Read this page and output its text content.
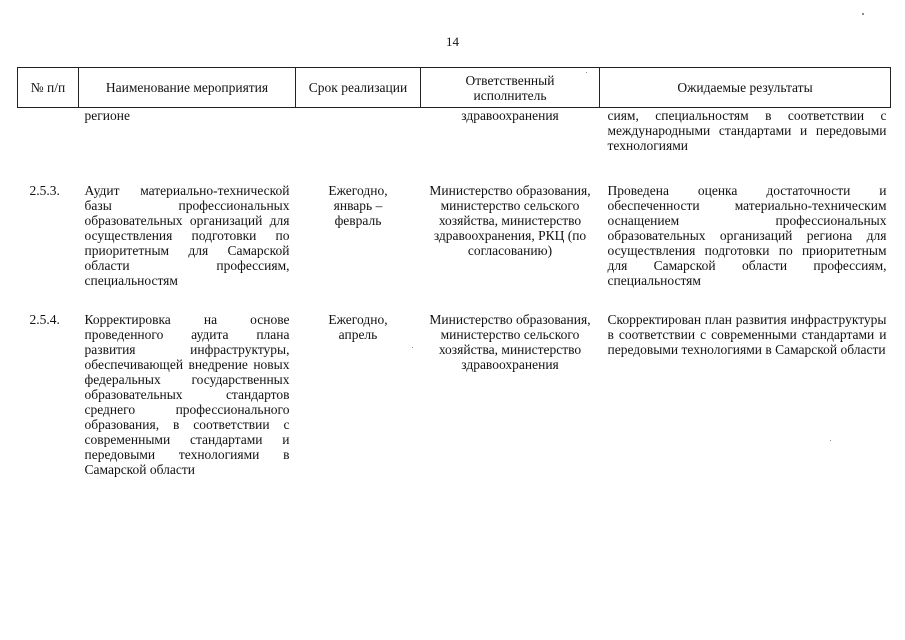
14
№ п/п	Наименование мероприятия	Срок реализации	Ответственный исполнитель	Ожидаемые результаты
	регионе		здравоохранения	сиям, специальностям в соответствии с международными стандартами и передовыми технологиями
2.5.3.	Аудит материально-технической базы профессиональных образовательных организаций для осуществления подготовки по приоритетным для Самарской области профессиям, специальностям	Ежегодно, январь – февраль	Министерство образования, министерство сельского хозяйства, министерство здравоохранения, РКЦ (по согласованию)	Проведена оценка достаточности и обеспеченности материально-техническим оснащением профессиональных образовательных организаций региона для осуществления подготовки по приоритетным для Самарской области профессиям, специальностям
2.5.4.	Корректировка на основе проведенного аудита плана развития инфраструктуры, обеспечивающей внедрение новых федеральных государственных образовательных стандартов среднего профессионального образования, в соответствии с современными стандартами и передовыми технологиями в Самарской области	Ежегодно, апрель	Министерство образования, министерство сельского хозяйства, министерство здравоохранения	Скорректирован план развития инфраструктуры в соответствии с современными стандартами и передовыми технологиями в Самарской области
